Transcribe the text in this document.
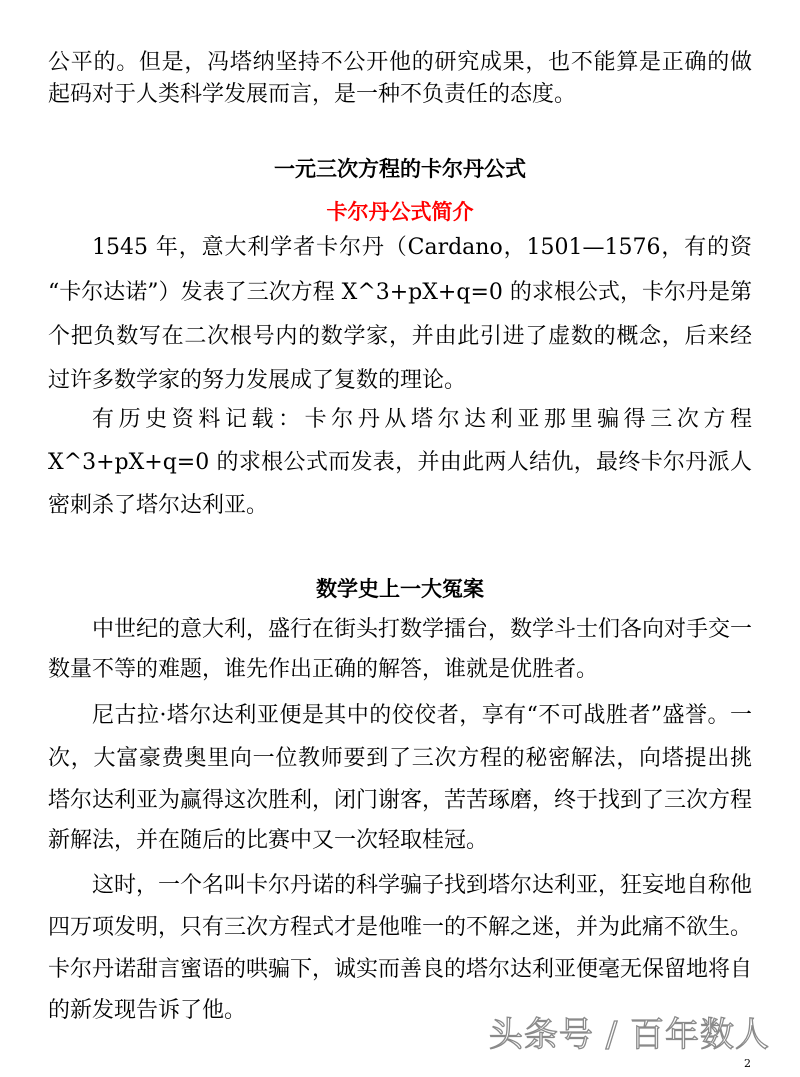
公平的。但是，冯塔纳坚持不公开他的研究成果，也不能算是正确的做
起码对于人类科学发展而言，是一种不负责任的态度。
一元三次方程的卡尔丹公式
卡尔丹公式简介
1545 年，意大利学者卡尔丹（Cardano，1501—1576，有的资
“卡尔达诺”）发表了三次方程 X^3+pX+q=0 的求根公式，卡尔丹是第
个把负数写在二次根号内的数学家，并由此引进了虚数的概念，后来经
过许多数学家的努力发展成了复数的理论。
有历史资料记载：卡尔丹从塔尔达利亚那里骗得三次方程
X^3+pX+q=0 的求根公式而发表，并由此两人结仇，最终卡尔丹派人
密刺杀了塔尔达利亚。
数学史上一大冤案
中世纪的意大利，盛行在街头打数学擂台，数学斗士们各向对手交一
数量不等的难题，谁先作出正确的解答，谁就是优胜者。
尼古拉·塔尔达利亚便是其中的佼佼者，享有“不可战胜者”盛誉。一
次，大富豪费奥里向一位教师要到了三次方程的秘密解法，向塔提出挑
塔尔达利亚为赢得这次胜利，闭门谢客，苦苦琢磨，终于找到了三次方程
新解法，并在随后的比赛中又一次轻取桂冠。
这时，一个名叫卡尔丹诺的科学骗子找到塔尔达利亚，狂妄地自称他
四万项发明，只有三次方程式才是他唯一的不解之迷，并为此痛不欲生。
卡尔丹诺甜言蜜语的哄骗下，诚实而善良的塔尔达利亚便毫无保留地将自
的新发现告诉了他。
头条号 / 百年数人
2
